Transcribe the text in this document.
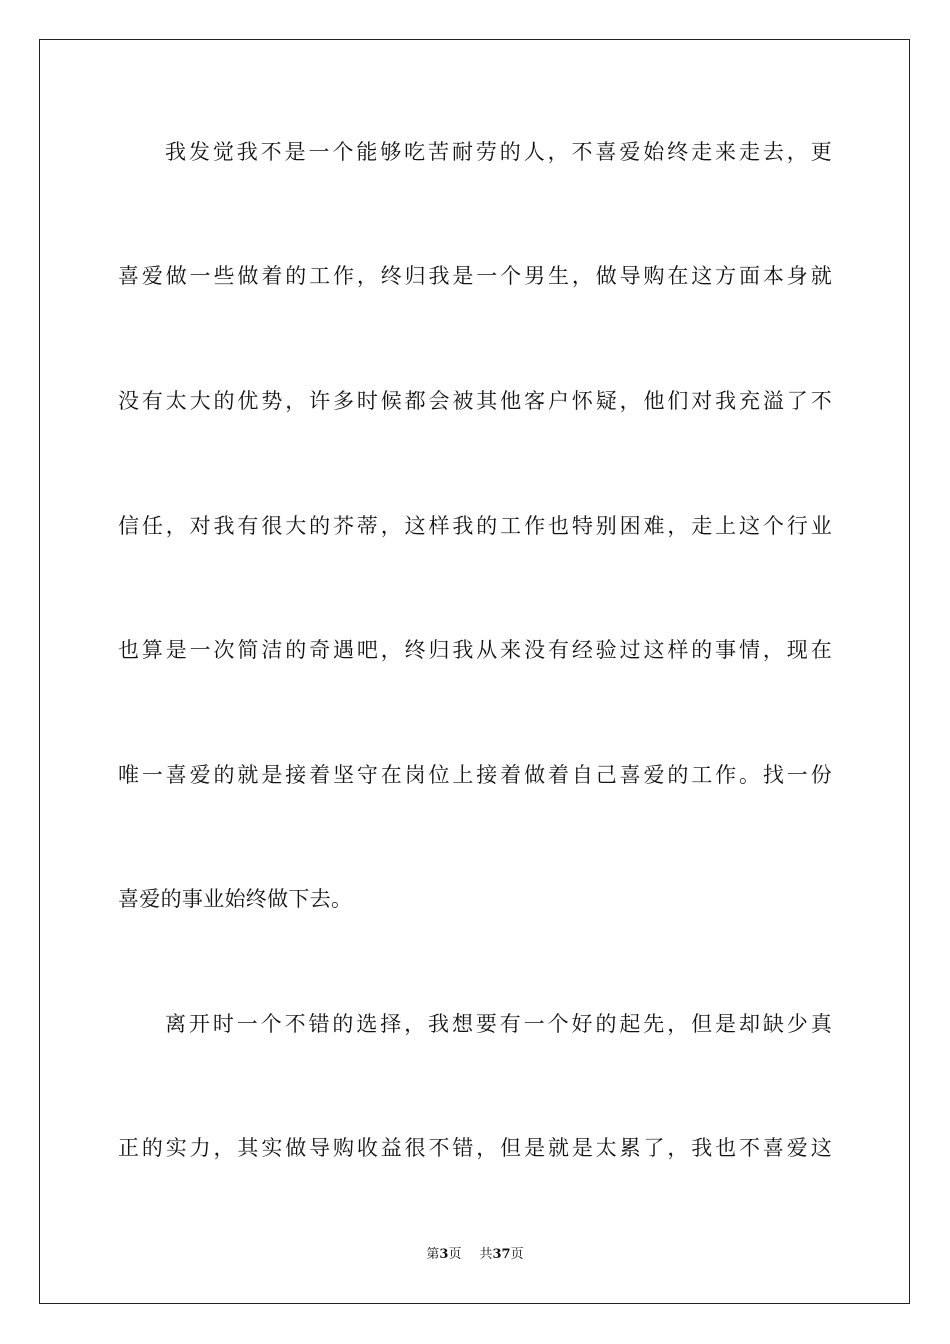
我发觉我不是一个能够吃苦耐劳的人，不喜爱始终走来走去，更
喜爱做一些做着的工作，终归我是一个男生，做导购在这方面本身就
没有太大的优势，许多时候都会被其他客户怀疑，他们对我充溢了不
信任，对我有很大的芥蒂，这样我的工作也特别困难，走上这个行业
也算是一次简洁的奇遇吧，终归我从来没有经验过这样的事情，现在
唯一喜爱的就是接着坚守在岗位上接着做着自己喜爱的工作。找一份
喜爱的事业始终做下去。
离开时一个不错的选择，我想要有一个好的起先，但是却缺少真
正的实力，其实做导购收益很不错，但是就是太累了，我也不喜爱这
第3页 共37页
